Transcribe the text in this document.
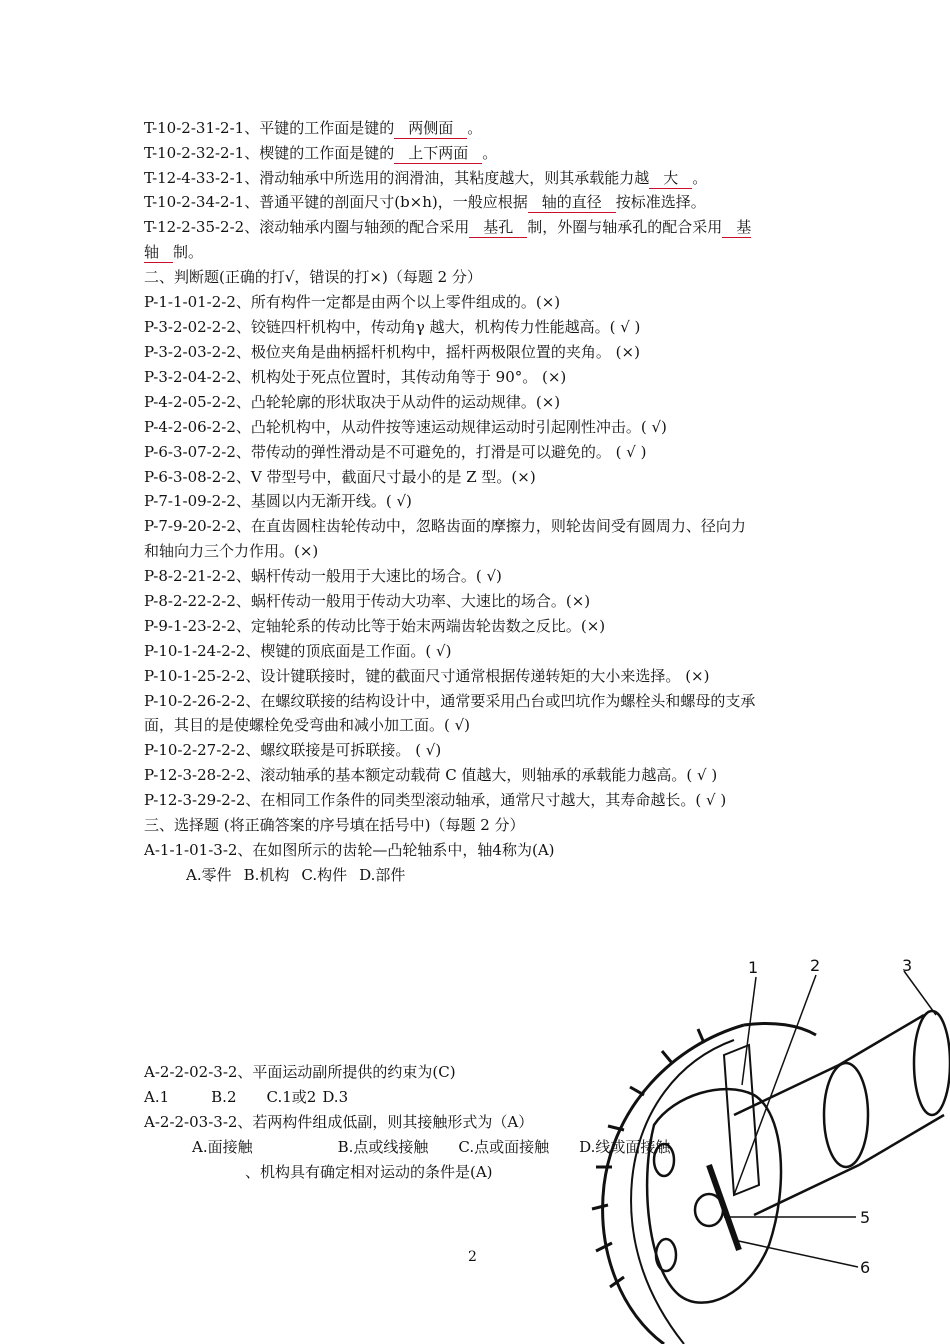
T-10-2-31-2-1、平键的工作面是键的 两侧面 。
T-10-2-32-2-1、楔键的工作面是键的 上下两面 。
T-12-4-33-2-1、滑动轴承中所选用的润滑油，其粘度越大，则其承载能力越 大 。
T-10-2-34-2-1、普通平键的剖面尺寸(b×h)，一般应根据 轴的直径 按标准选择。
T-12-2-35-2-2、滚动轴承内圈与轴颈的配合采用 基孔 制，外圈与轴承孔的配合采用 基
轴 制。
二、判断题(正确的打√，错误的打×)（每题 2 分）
P-1-1-01-2-2、所有构件一定都是由两个以上零件组成的。(×)
P-3-2-02-2-2、铰链四杆机构中，传动角γ 越大，机构传力性能越高。( √ )
P-3-2-03-2-2、极位夹角是曲柄摇杆机构中，摇杆两极限位置的夹角。 (×)
P-3-2-04-2-2、机构处于死点位置时，其传动角等于 90°。 (×)
P-4-2-05-2-2、凸轮轮廓的形状取决于从动件的运动规律。(×)
P-4-2-06-2-2、凸轮机构中，从动件按等速运动规律运动时引起刚性冲击。( √)
P-6-3-07-2-2、带传动的弹性滑动是不可避免的，打滑是可以避免的。 ( √ )
P-6-3-08-2-2、V 带型号中，截面尺寸最小的是 Z 型。(×)
P-7-1-09-2-2、基圆以内无渐开线。( √)
P-7-9-20-2-2、在直齿圆柱齿轮传动中，忽略齿面的摩擦力，则轮齿间受有圆周力、径向力
和轴向力三个力作用。(×)
P-8-2-21-2-2、蜗杆传动一般用于大速比的场合。( √)
P-8-2-22-2-2、蜗杆传动一般用于传动大功率、大速比的场合。(×)
P-9-1-23-2-2、定轴轮系的传动比等于始末两端齿轮齿数之反比。(×)
P-10-1-24-2-2、楔键的顶底面是工作面。( √)
P-10-1-25-2-2、设计键联接时，键的截面尺寸通常根据传递转矩的大小来选择。 (×)
P-10-2-26-2-2、在螺纹联接的结构设计中，通常要采用凸台或凹坑作为螺栓头和螺母的支承
面，其目的是使螺栓免受弯曲和减小加工面。( √)
P-10-2-27-2-2、螺纹联接是可拆联接。 ( √)
P-12-3-28-2-2、滚动轴承的基本额定动载荷 C 值越大，则轴承的承载能力越高。( √ )
P-12-3-29-2-2、在相同工作条件的同类型滚动轴承，通常尺寸越大，其寿命越长。( √ )
三、选择题 (将正确答案的序号填在括号中)（每题 2 分）
A-1-1-01-3-2、在如图所示的齿轮—凸轮轴系中，轴4称为(A)
A.零件 B.机构 C.构件 D.部件
1	2	3
5
6
A-2-2-02-3-2、平面运动副所提供的约束为(C)
A.1	B.2 C.1或2 D.3
A-2-2-03-3-2、若两构件组成低副，则其接触形式为（A）
A.面接触	B.点或线接触 C.点或面接触 D.线或面接触
、机构具有确定相对运动的条件是(A)
2
